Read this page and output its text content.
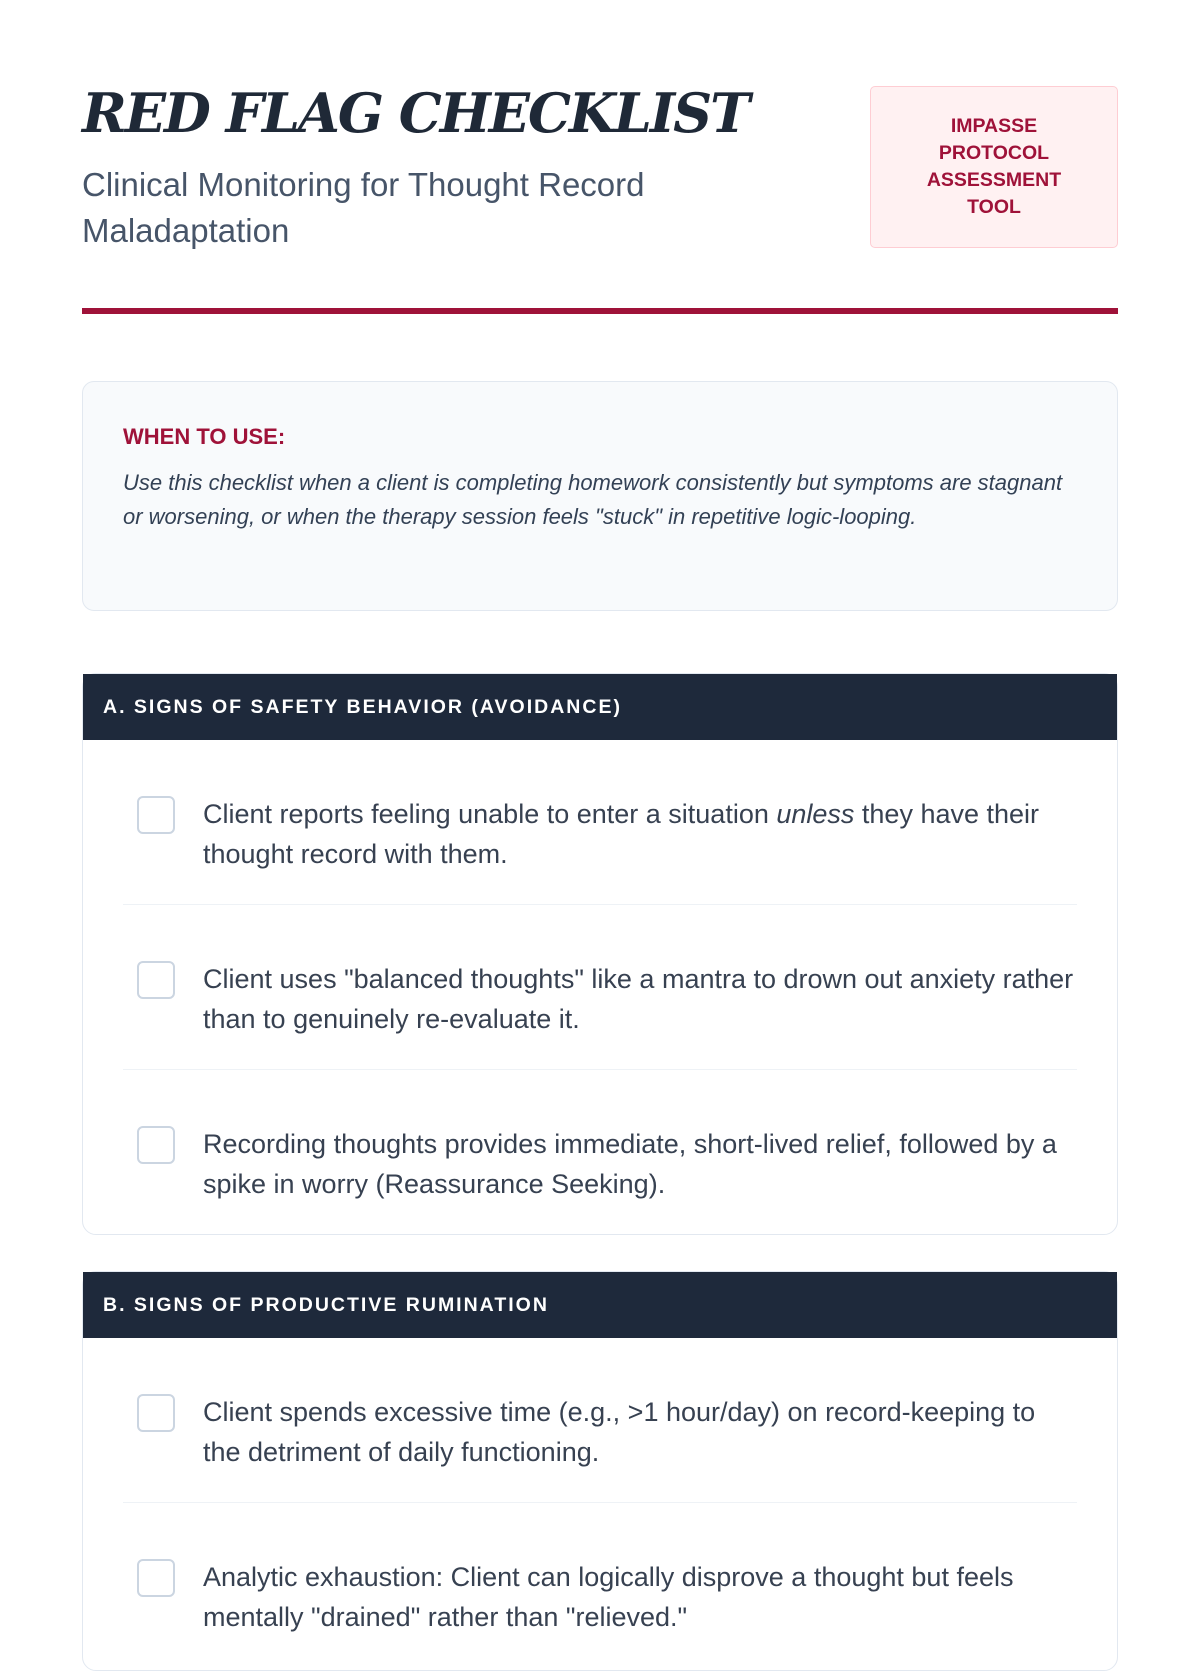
RED FLAG CHECKLIST

Clinical Monitoring for Thought Record Maladaptation

IMPASSE PROTOCOL ASSESSMENT TOOL
WHEN TO USE:

Use this checklist when a client is completing homework consistently but symptoms are stagnant or worsening, or when the therapy session feels "stuck" in repetitive logic-looping.

A. SIGNS OF SAFETY BEHAVIOR (AVOIDANCE)

Client reports feeling unable to enter a situation unless they have their thought record with them.

Client uses "balanced thoughts" like a mantra to drown out anxiety rather than to genuinely re-evaluate it.

Recording thoughts provides immediate, short-lived relief, followed by a spike in worry (Reassurance Seeking).

B. SIGNS OF PRODUCTIVE RUMINATION

Client spends excessive time (e.g., >1 hour/day) on record-keeping to the detriment of daily functioning.

Analytic exhaustion: Client can logically disprove a thought but feels mentally "drained" rather than "relieved."
